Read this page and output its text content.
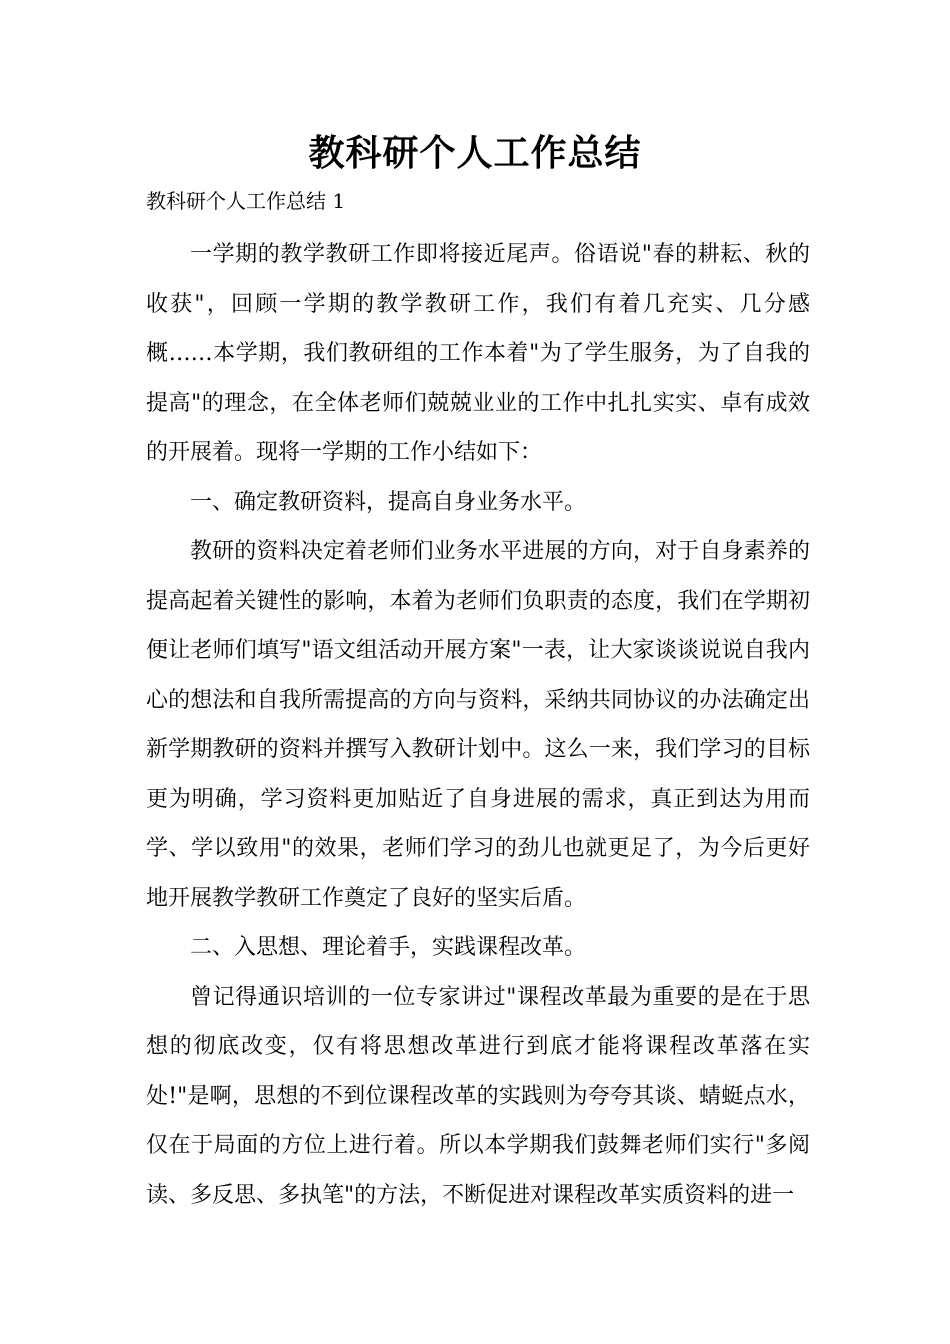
教科研个人工作总结
教科研个人工作总结 1

一学期的教学教研工作即将接近尾声。俗语说"春的耕耘、秋的收获"，回顾一学期的教学教研工作，我们有着几充实、几分感概……本学期，我们教研组的工作本着"为了学生服务，为了自我的提高"的理念，在全体老师们兢兢业业的工作中扎扎实实、卓有成效的开展着。现将一学期的工作小结如下：

一、确定教研资料，提高自身业务水平。

教研的资料决定着老师们业务水平进展的方向，对于自身素养的提高起着关键性的影响，本着为老师们负职责的态度，我们在学期初便让老师们填写"语文组活动开展方案"一表，让大家谈谈说说自我内心的想法和自我所需提高的方向与资料，采纳共同协议的办法确定出新学期教研的资料并撰写入教研计划中。这么一来，我们学习的目标更为明确，学习资料更加贴近了自身进展的需求，真正到达为用而学、学以致用"的效果，老师们学习的劲儿也就更足了，为今后更好地开展教学教研工作奠定了良好的坚实后盾。

二、入思想、理论着手，实践课程改革。

曾记得通识培训的一位专家讲过"课程改革最为重要的是在于思想的彻底改变，仅有将思想改革进行到底才能将课程改革落在实处!"是啊，思想的不到位课程改革的实践则为夸夸其谈、蜻蜓点水，仅在于局面的方位上进行着。所以本学期我们鼓舞老师们实行"多阅读、多反思、多执笔"的方法，不断促进对课程改革实质资料的进一
